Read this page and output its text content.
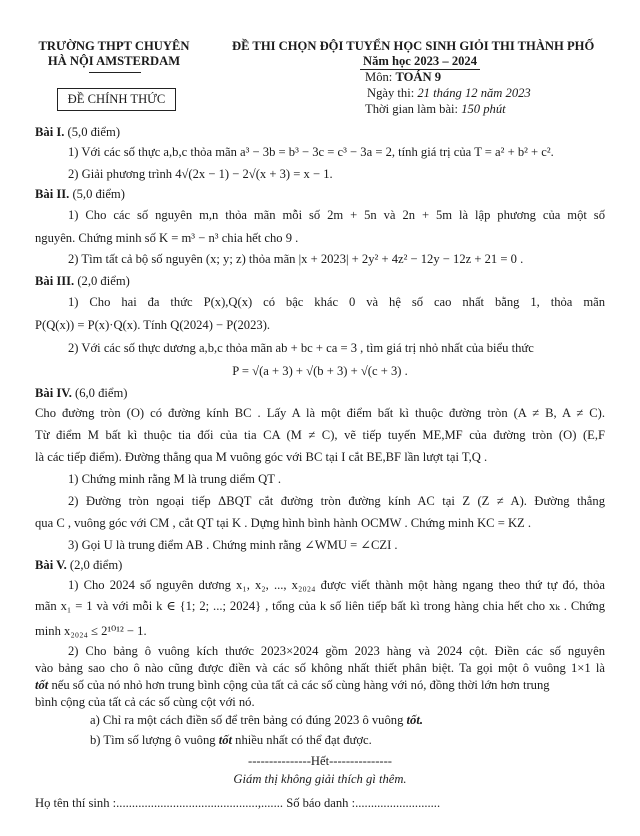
TRƯỜNG THPT CHUYÊN
HÀ NỘI AMSTERDAM
ĐỀ CHÍNH THỨC
ĐỀ THI CHỌN ĐỘI TUYỂN HỌC SINH GIỎI THI THÀNH PHỐ
Năm học 2023 – 2024
Môn: TOÁN 9
Ngày thi: 21 tháng 12 năm 2023
Thời gian làm bài: 150 phút
Bài I. (5,0 điểm)
1) Với các số thực a,b,c thỏa mãn a³ − 3b = b³ − 3c = c³ − 3a = 2, tính giá trị của T = a² + b² + c².
2) Giải phương trình 4√(2x − 1) − 2√(x + 3) = x − 1.
Bài II. (5,0 điểm)
1) Cho các số nguyên m,n thỏa mãn mỗi số 2m + 5n và 2n + 5m là lập phương của một số
nguyên. Chứng minh số K = m³ − n³ chia hết cho 9 .
2) Tìm tất cả bộ số nguyên (x; y; z) thỏa mãn |x + 2023| + 2y² + 4z² − 12y − 12z + 21 = 0 .
Bài III. (2,0 điểm)
1) Cho hai đa thức P(x),Q(x) có bậc khác 0 và hệ số cao nhất bằng 1, thỏa mãn
P(Q(x)) = P(x)·Q(x). Tính Q(2024) − P(2023).
2) Với các số thực dương a,b,c thỏa mãn ab + bc + ca = 3 , tìm giá trị nhỏ nhất của biểu thức
P = √(a + 3) + √(b + 3) + √(c + 3) .
Bài IV. (6,0 điểm)
Cho đường tròn (O) có đường kính BC . Lấy A là một điểm bất kì thuộc đường tròn (A ≠ B, A ≠ C).
Từ điểm M bất kì thuộc tia đối của tia CA (M ≠ C), vẽ tiếp tuyến ME,MF của đường tròn (O) (E,F
là các tiếp điểm). Đường thẳng qua M vuông góc với BC tại I cắt BE,BF lần lượt tại T,Q .
1) Chứng minh rằng M là trung diểm QT .
2) Đường tròn ngoại tiếp ΔBQT cắt đường tròn đường kính AC tại Z (Z ≠ A). Đường thẳng
qua C , vuông góc với CM , cắt QT tại K . Dựng hình bình hành OCMW . Chứng minh KC = KZ .
3) Gọi U là trung điểm AB . Chứng minh rằng ∠WMU = ∠CZI .
Bài V. (2,0 điểm)
1) Cho 2024 số nguyên dương x₁, x₂, ..., x₂₀₂₄ được viết thành một hàng ngang theo thứ tự đó, thỏa
mãn x₁ = 1 và với mỗi k ∈ {1; 2; ...; 2024} , tổng của k số liên tiếp bất kì trong hàng chia hết cho xₖ . Chứng
minh x₂₀₂₄ ≤ 2¹⁰¹² − 1.
2) Cho bảng ô vuông kích thước 2023×2024 gồm 2023 hàng và 2024 cột. Điền các số nguyên
vào bảng sao cho ô nào cũng được điền và các số không nhất thiết phân biệt. Ta gọi một ô vuông 1×1 là
tốt nếu số của nó nhỏ hơn trung bình cộng của tất cả các số cùng hàng với nó, đồng thời lớn hơn trung
bình cộng của tất cả các số cùng cột với nó.
a) Chỉ ra một cách điền số để trên bảng có đúng 2023 ô vuông tốt.
b) Tìm số lượng ô vuông tốt nhiều nhất có thể đạt được.
---------------Hết---------------
Giám thị không giải thích gì thêm.
Họ tên thí sinh :.............................................,....... Số báo danh :...........................
